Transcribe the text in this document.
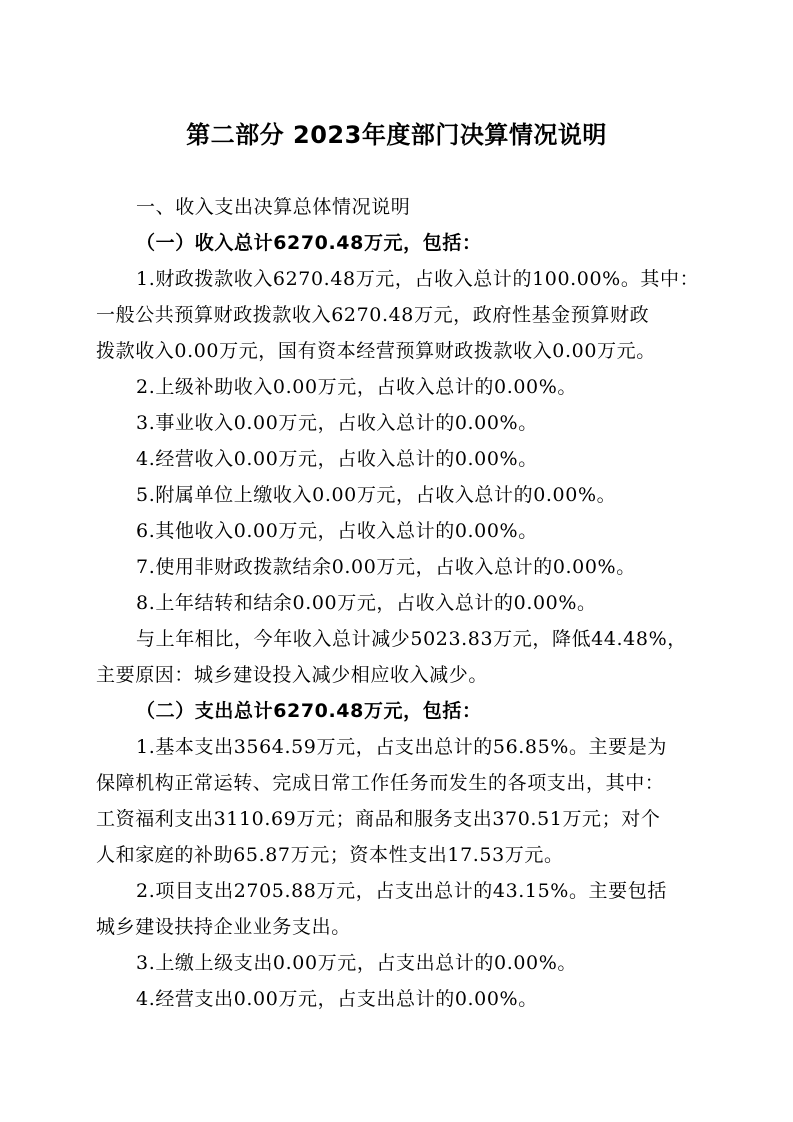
第二部分 2023年度部门决算情况说明
一、收入支出决算总体情况说明
（一）收入总计6270.48万元，包括：
1.财政拨款收入6270.48万元，占收入总计的100.00%。其中：
一般公共预算财政拨款收入6270.48万元，政府性基金预算财政
拨款收入0.00万元，国有资本经营预算财政拨款收入0.00万元。
2.上级补助收入0.00万元，占收入总计的0.00%。
3.事业收入0.00万元，占收入总计的0.00%。
4.经营收入0.00万元，占收入总计的0.00%。
5.附属单位上缴收入0.00万元，占收入总计的0.00%。
6.其他收入0.00万元，占收入总计的0.00%。
7.使用非财政拨款结余0.00万元，占收入总计的0.00%。
8.上年结转和结余0.00万元，占收入总计的0.00%。
与上年相比，今年收入总计减少5023.83万元，降低44.48%，
主要原因：城乡建设投入减少相应收入减少。
（二）支出总计6270.48万元，包括：
1.基本支出3564.59万元，占支出总计的56.85%。主要是为
保障机构正常运转、完成日常工作任务而发生的各项支出，其中：
工资福利支出3110.69万元；商品和服务支出370.51万元；对个
人和家庭的补助65.87万元；资本性支出17.53万元。
2.项目支出2705.88万元，占支出总计的43.15%。主要包括
城乡建设扶持企业业务支出。
3.上缴上级支出0.00万元，占支出总计的0.00%。
4.经营支出0.00万元，占支出总计的0.00%。
